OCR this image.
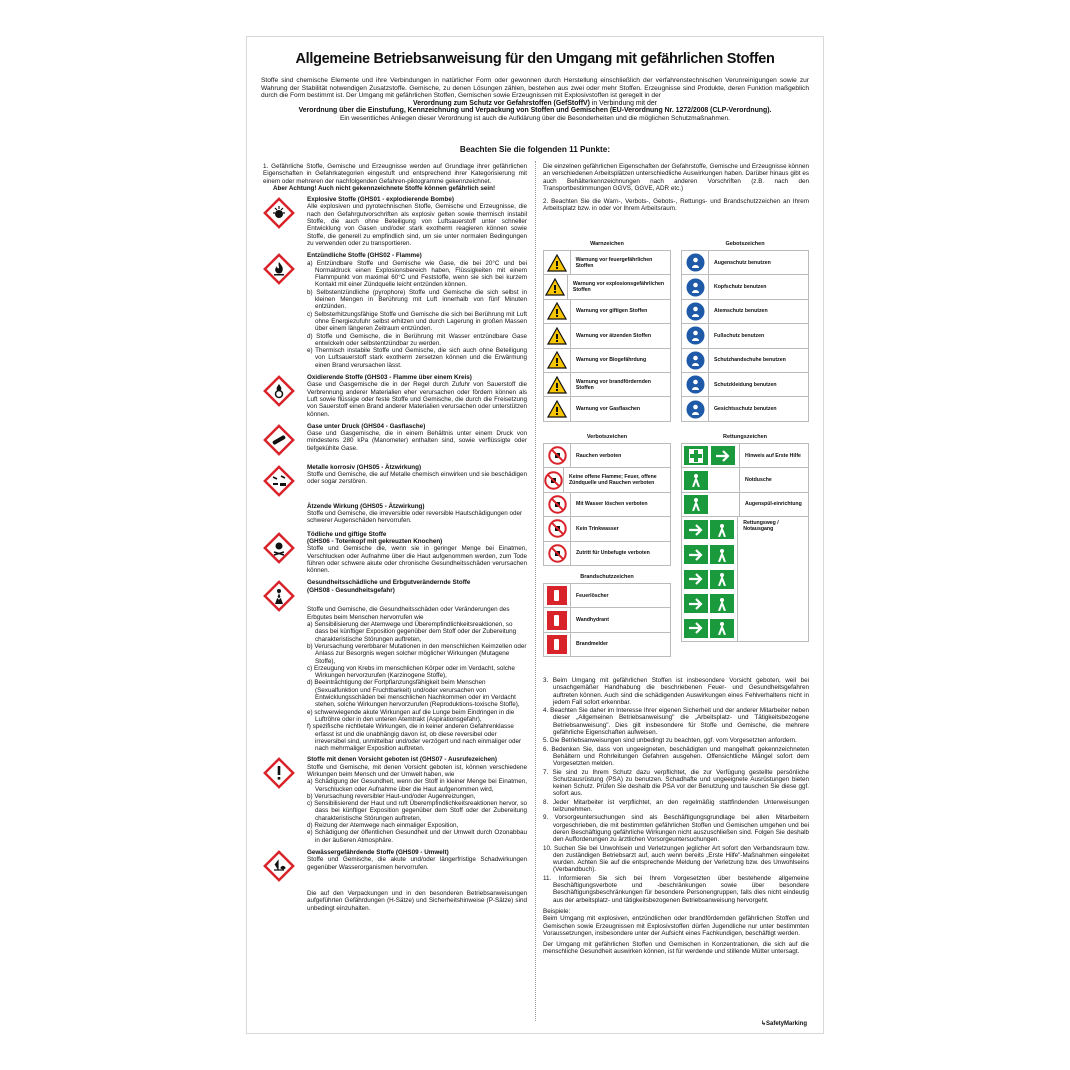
Allgemeine Betriebsanweisung für den Umgang mit gefährlichen Stoffen
Stoffe sind chemische Elemente und ihre Verbindungen in natürlicher Form oder gewonnen durch Herstellung einschließlich der verfahrenstechnischen Verunreinigungen sowie zur Wahrung der Stabilität notwendigen Zusatzstoffe. Gemische, zu denen Lösungen zählen, bestehen aus zwei oder mehr Stoffen. Erzeugnisse sind Produkte, deren Funktion maßgeblich durch die Form bestimmt ist. Der Umgang mit gefährlichen Stoffen, Gemischen sowie Erzeugnissen mit Explosivstoffen ist geregelt in der
Verordnung zum Schutz vor Gefahrstoffen (GefStoffV) in Verbindung mit der
Verordnung über die Einstufung, Kennzeichnung und Verpackung von Stoffen und Gemischen (EU-Verordnung Nr. 1272/2008 (CLP-Verordnung).
Ein wesentliches Anliegen dieser Verordnung ist auch die Aufklärung über die Besonderheiten und die möglichen Schutzmaßnahmen.
Beachten Sie die folgenden 11 Punkte:
1. Gefährliche Stoffe, Gemische und Erzeugnisse werden auf Grundlage ihrer gefährlichen Eigenschaften in Gefahrkategorien eingestuft und entsprechend ihrer Kategorisierung mit einem oder mehreren der nachfolgenden Gefahren-piktogramme gekennzeichnet.
Aber Achtung! Auch nicht gekennzeichnete Stoffe können gefährlich sein!
Explosive Stoffe (GHS01 - explodierende Bombe)
Alle explosiven und pyrotechnischen Stoffe, Gemische und Erzeugnisse, die nach den Gefahrgutvorschriften als explosiv gelten sowie thermisch instabil Stoffe, die auch ohne Beteiligung von Luftsauerstoff unter schneller Entwicklung von Gasen und/oder stark exotherm reagieren können sowie Stoffe, die generell zu empfindlich sind, um sie unter normalen Bedingungen zu verwenden oder zu transportieren.
Entzündliche Stoffe (GHS02 - Flamme)
a) Entzündbare Stoffe und Gemische wie Gase, die bei 20°C und bei Normaldruck einen Explosionsbereich haben, Flüssigkeiten mit einem Flammpunkt von maximal 60°C und Feststoffe, wenn sie sich bei kurzem Kontakt mit einer Zündquelle leicht entzünden können.
b) Selbstentzündliche (pyrophore) Stoffe und Gemische die sich selbst in kleinen Mengen in Berührung mit Luft innerhalb von fünf Minuten entzünden.
c) Selbsterhitzungsfähige Stoffe und Gemische die sich bei Berührung mit Luft ohne Energiezufuhr selbst erhitzen und durch Lagerung in großen Massen über einem längeren Zeitraum entzünden.
d) Stoffe und Gemische, die in Berührung mit Wasser entzündbare Gase entwickeln oder selbstentzündbar zu werden.
e) Thermisch instabile Stoffe und Gemische, die sich auch ohne Beteiligung von Luftsauerstoff stark exotherm zersetzen können und die Erwärmung einen Brand verursachen lässt.
Oxidierende Stoffe (GHS03 - Flamme über einem Kreis)
Gase und Gasgemische die in der Regel durch Zufuhr von Sauerstoff die Verbrennung anderer Materialien eher verursachen oder fördern können als Luft sowie flüssige oder feste Stoffe und Gemische, die durch die Freisetzung von Sauerstoff einen Brand anderer Materialien verursachen oder unterstützen können.
Gase unter Druck (GHS04 - Gasflasche)
Gase und Gasgemische, die in einem Behältnis unter einem Druck von mindestens 280 kPa (Manometer) enthalten sind, sowie verflüssigte oder tiefgekühlte Gase.
Metalle korrosiv (GHS05 - Ätzwirkung)
Stoffe und Gemische, die auf Metalle chemisch einwirken und sie beschädigen oder sogar zerstören.
Ätzende Wirkung (GHS05 - Ätzwirkung)
Stoffe und Gemische, die irreversible oder reversible Hautschädigungen oder schwerer Augenschäden hervorrufen.
Tödliche und giftige Stoffe
(GHS06 - Totenkopf mit gekreuzten Knochen)
Stoffe und Gemische die, wenn sie in geringer Menge bei Einatmen, Verschlucken oder Aufnahme über die Haut aufgenommen werden, zum Tode führen oder schwere akute oder chronische Gesundheitsschäden verursachen können.
Gesundheitsschädliche und Erbgutverändernde Stoffe
(GHS08 - Gesundheitsgefahr)
Stoffe und Gemische, die Gesundheitsschäden oder Veränderungen des Erbgutes beim Menschen hervorrufen wie
a) Sensibilisierung der Atemwege und Überempfindlichkeitsreaktionen, so dass bei künftiger Exposition gegenüber dem Stoff oder der Zubereitung charakteristische Störungen auftreten,
b) Verursachung vererbbarer Mutationen in den menschlichen Keimzellen oder Anlass zur Besorgnis wegen solcher möglicher Wirkungen (Mutagene Stoffe),
c) Erzeugung von Krebs im menschlichen Körper oder im Verdacht, solche Wirkungen hervorzurufen (Karzinogene Stoffe),
d) Beeinträchtigung der Fortpflanzungsfähigkeit beim Menschen (Sexualfunktion und Fruchtbarkeit) und/oder verursachen von Entwicklungsschäden bei menschlichen Nachkommen oder im Verdacht stehen, solche Wirkungen hervorzurufen (Reproduktions-toxische Stoffe),
e) schwerwiegende akute Wirkungen auf die Lunge beim Eindringen in die Luftröhre oder in den unteren Atemtrakt (Aspirationsgefahr),
f) spezifische nichtletale Wirkungen, die in keiner anderen Gefahrenklasse erfasst ist und die unabhängig davon ist, ob diese reversibel oder irreversibel sind, unmittelbar und/oder verzögert und nach einmaliger oder nach mehrmaliger Exposition auftreten.
Stoffe mit denen Vorsicht geboten ist (GHS07 - Ausrufezeichen)
Stoffe und Gemische, mit denen Vorsicht geboten ist, können verschiedene Wirkungen beim Mensch und der Umwelt haben, wie
a) Schädigung der Gesundheit, wenn der Stoff in kleiner Menge bei Einatmen, Verschlucken oder Aufnahme über die Haut aufgenommen wird,
b) Verursachung reversibler Haut-und/oder Augenreizungen,
c) Sensibilisierend der Haut und ruft Überempfindlichkeitsreaktionen hervor, so dass bei künftiger Exposition gegenüber dem Stoff oder der Zubereitung charakteristische Störungen auftreten,
d) Reizung der Atemwege nach einmaliger Exposition,
e) Schädigung der öffentlichen Gesundheit und der Umwelt durch Ozonabbau in der äußeren Atmosphäre.
Gewässergefährdende Stoffe (GHS09 - Umwelt)
Stoffe und Gemische, die akute und/oder längerfristige Schadwirkungen gegenüber Wasserorganismen hervorrufen.
Die auf den Verpackungen und in den besonderen Betriebsanweisungen aufgeführten Gefährdungen (H-Sätze) und Sicherheitshinweise (P-Sätze) sind unbedingt einzuhalten.
Die einzelnen gefährlichen Eigenschaften der Gefahrstoffe, Gemische und Erzeugnisse können an verschiedenen Arbeitsplätzen unterschiedliche Auswirkungen haben. Darüber hinaus gibt es auch Behälterkennzeichnungen nach anderen Vorschriften (z.B. nach den Transportbestimmungen GGVS, GGVE, ADR etc.)
2. Beachten Sie die Warn-, Verbots-, Gebots-, Rettungs- und Brandschutzzeichen an Ihrem Arbeitsplatz bzw. in oder vor Ihrem Arbeitsraum.
Warnzeichen
Warnung vor feuergefährlichen Stoffen
Warnung vor explosionsgefährlichen Stoffen
Warnung vor giftigen Stoffen
Warnung vor ätzenden Stoffen
Warnung vor Biogefährdung
Warnung vor brandfördernden Stoffen
Warnung vor Gasflaschen
Gebotszeichen
Augenschutz benutzen
Kopfschutz benutzen
Atemschutz benutzen
Fußschutz benutzen
Schutzhandschuhe benutzen
Schutzkleidung benutzen
Gesichtsschutz benutzen
Verbotszeichen
Rauchen verboten
Keine offene Flamme; Feuer, offene Zündquelle und Rauchen verboten
Mit Wasser löschen verboten
Kein Trinkwasser
Zutritt für Unbefugte verboten
Brandschutzzeichen
Feuerlöscher
Wandhydrant
Brandmelder
Rettungszeichen
Hinweis auf Erste Hilfe
Notdusche
Augenspül-einrichtung
Rettungsweg / Notausgang
3. Beim Umgang mit gefährlichen Stoffen ist insbesondere Vorsicht geboten, weil bei unsachgemäßer Handhabung die beschriebenen Feuer- und Gesundheitsgefahren auftreten können. Auch sind die schädigenden Auswirkungen eines Fehlverhaltens nicht in jedem Fall sofort erkennbar.
4. Beachten Sie daher im Interesse Ihrer eigenen Sicherheit und der anderer Mitarbeiter neben dieser „Allgemeinen Betriebsanweisung" die „Arbeitsplatz- und Tätigkeitsbezogene Betriebsanweisung". Dies gilt insbesondere für Stoffe und Gemische, die mehrere gefährliche Eigenschaften aufweisen.
5. Die Betriebsanweisungen sind unbedingt zu beachten, ggf. vom Vorgesetzten anfordern.
6. Bedenken Sie, dass von ungeeigneten, beschädigten und mangelhaft gekennzeichneten Behältern und Rohrleitungen Gefahren ausgehen. Offensichtliche Mängel sofort dem Vorgesetzten melden.
7. Sie sind zu Ihrem Schutz dazu verpflichtet, die zur Verfügung gestellte persönliche Schutzausrüstung (PSA) zu benutzen. Schadhafte und ungeeignete Ausrüstungen bieten keinen Schutz. Prüfen Sie deshalb die PSA vor der Benutzung und tauschen Sie diese ggf. sofort aus.
8. Jeder Mitarbeiter ist verpflichtet, an den regelmäßig stattfindenden Unterweisungen teilzunehmen.
9. Vorsorgeuntersuchungen sind als Beschäftigungsgrundlage bei allen Mitarbeitern vorgeschrieben, die mit bestimmten gefährlichen Stoffen und Gemischen umgehen und bei deren Beschäftigung gefährliche Wirkungen nicht auszuschließen sind. Folgen Sie deshalb den Aufforderungen zu ärztlichen Vorsorgeuntersuchungen.
10. Suchen Sie bei Unwohlsein und Verletzungen jeglicher Art sofort den Verbandsraum bzw. den zuständigen Betriebsarzt auf, auch wenn bereits „Erste Hilfe"-Maßnahmen eingeleitet wurden. Achten Sie auf die entsprechende Meldung der Verletzung bzw. des Unwohlseins (Verbandbuch).
11. Informieren Sie sich bei Ihrem Vorgesetzten über bestehende allgemeine Beschäftigungsverbote und -beschränkungen sowie über besondere Beschäftigungsbeschränkungen für besondere Personengruppen, falls dies nicht eindeutig aus der arbeitsplatz- und tätigkeitsbezogenen Betriebsanweisung hervorgeht.
Beispiele:
Beim Umgang mit explosiven, entzündlichen oder brandfördernden gefährlichen Stoffen und Gemischen sowie Erzeugnissen mit Explosivstoffen dürfen Jugendliche nur unter bestimmten Voraussetzungen, insbesondere unter der Aufsicht eines Fachkundigen, beschäftigt werden.
Der Umgang mit gefährlichen Stoffen und Gemischen in Konzentrationen, die sich auf die menschliche Gesundheit auswirken können, ist für werdende und stillende Mütter untersagt.
↳SafetyMarking
